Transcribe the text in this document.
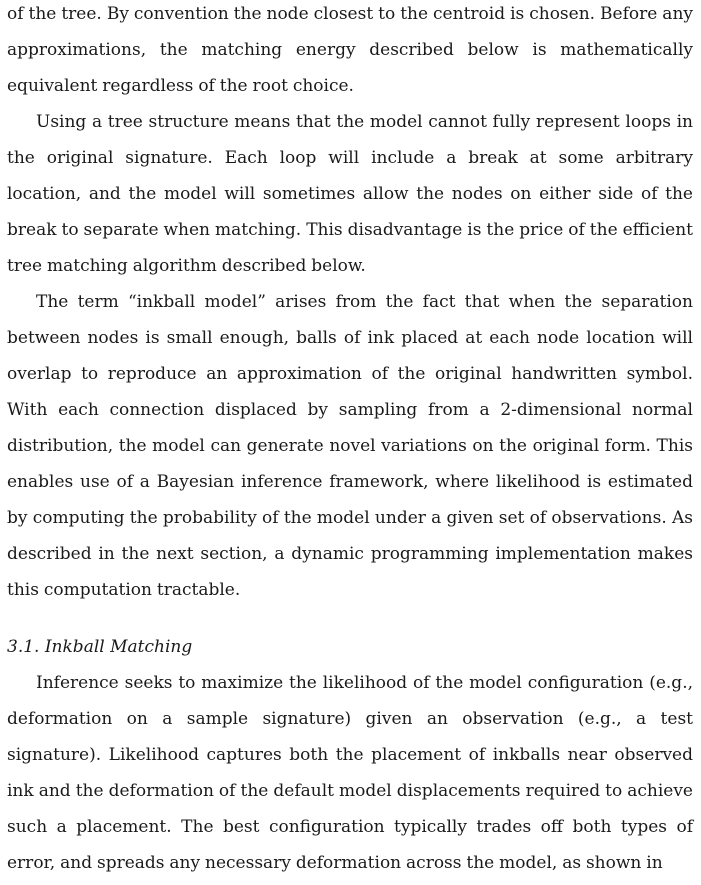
of the tree. By convention the node closest to the centroid is chosen. Before any approximations, the matching energy described below is mathematically equivalent regardless of the root choice.

Using a tree structure means that the model cannot fully represent loops in the original signature. Each loop will include a break at some arbitrary location, and the model will sometimes allow the nodes on either side of the break to separate when matching. This disadvantage is the price of the efficient tree matching algorithm described below.

The term “inkball model” arises from the fact that when the separation between nodes is small enough, balls of ink placed at each node location will overlap to reproduce an approximation of the original handwritten symbol. With each connection displaced by sampling from a 2-dimensional normal distribution, the model can generate novel variations on the original form. This enables use of a Bayesian inference framework, where likelihood is estimated by computing the probability of the model under a given set of observations. As described in the next section, a dynamic programming implementation makes this computation tractable.

3.1. Inkball Matching

Inference seeks to maximize the likelihood of the model configuration (e.g., deformation on a sample signature) given an observation (e.g., a test signature). Likelihood captures both the placement of inkballs near observed ink and the deformation of the default model displacements required to achieve such a placement. The best configuration typically trades off both types of error, and spreads any necessary deformation across the model, as shown in
